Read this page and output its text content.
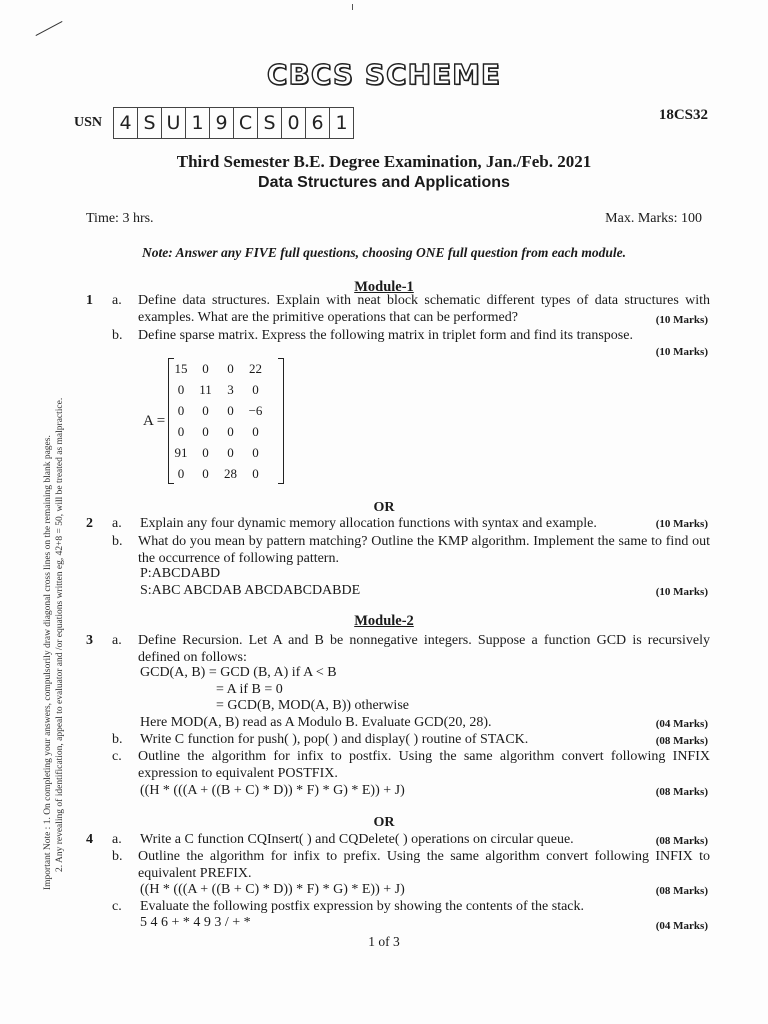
CBCS SCHEME
USN 4 S U 1 9 C S 0 6 1	18CS32
Third Semester B.E. Degree Examination, Jan./Feb. 2021
Data Structures and Applications
Time: 3 hrs.	Max. Marks: 100
Note: Answer any FIVE full questions, choosing ONE full question from each module.
Module-1
1 a. Define data structures. Explain with neat block schematic different types of data structures with examples. What are the primitive operations that can be performed?	(10 Marks)
b. Define sparse matrix. Express the following matrix in triplet form and find its transpose.
(10 Marks)
A =
15	0	0	22
0	11	3	0
0	0	0	−6
0	0	0	0
91	0	0	0
0	0	28	0
OR
2 a. Explain any four dynamic memory allocation functions with syntax and example.	(10 Marks)
b. What do you mean by pattern matching? Outline the KMP algorithm. Implement the same to find out the occurrence of following pattern.
P:ABCDABD
S:ABC ABCDAB ABCDABCDABDE	(10 Marks)
Module-2
3 a. Define Recursion. Let A and B be nonnegative integers. Suppose a function GCD is recursively defined on follows:
GCD(A, B) = GCD (B, A) if A < B
= A if B = 0
= GCD(B, MOD(A, B)) otherwise
Here MOD(A, B) read as A Modulo B. Evaluate GCD(20, 28).	(04 Marks)
b. Write C function for push( ), pop( ) and display( ) routine of STACK.	(08 Marks)
c. Outline the algorithm for infix to postfix. Using the same algorithm convert following INFIX expression to equivalent POSTFIX.
((H * (((A + ((B + C) * D)) * F) * G) * E)) + J)	(08 Marks)
OR
4 a. Write a C function CQInsert( ) and CQDelete( ) operations on circular queue.	(08 Marks)
b. Outline the algorithm for infix to prefix. Using the same algorithm convert following INFIX to equivalent PREFIX.
((H * (((A + ((B + C) * D)) * F) * G) * E)) + J)	(08 Marks)
c. Evaluate the following postfix expression by showing the contents of the stack.
5 4 6 + * 4 9 3 / + *	(04 Marks)
1 of 3
Important Note : 1. On completing your answers, compulsorily draw diagonal cross lines on the remaining blank pages. 2. Any revealing of identification, appeal to evaluator and /or equations written eg, 42+8 = 50, will be treated as malpractice.
